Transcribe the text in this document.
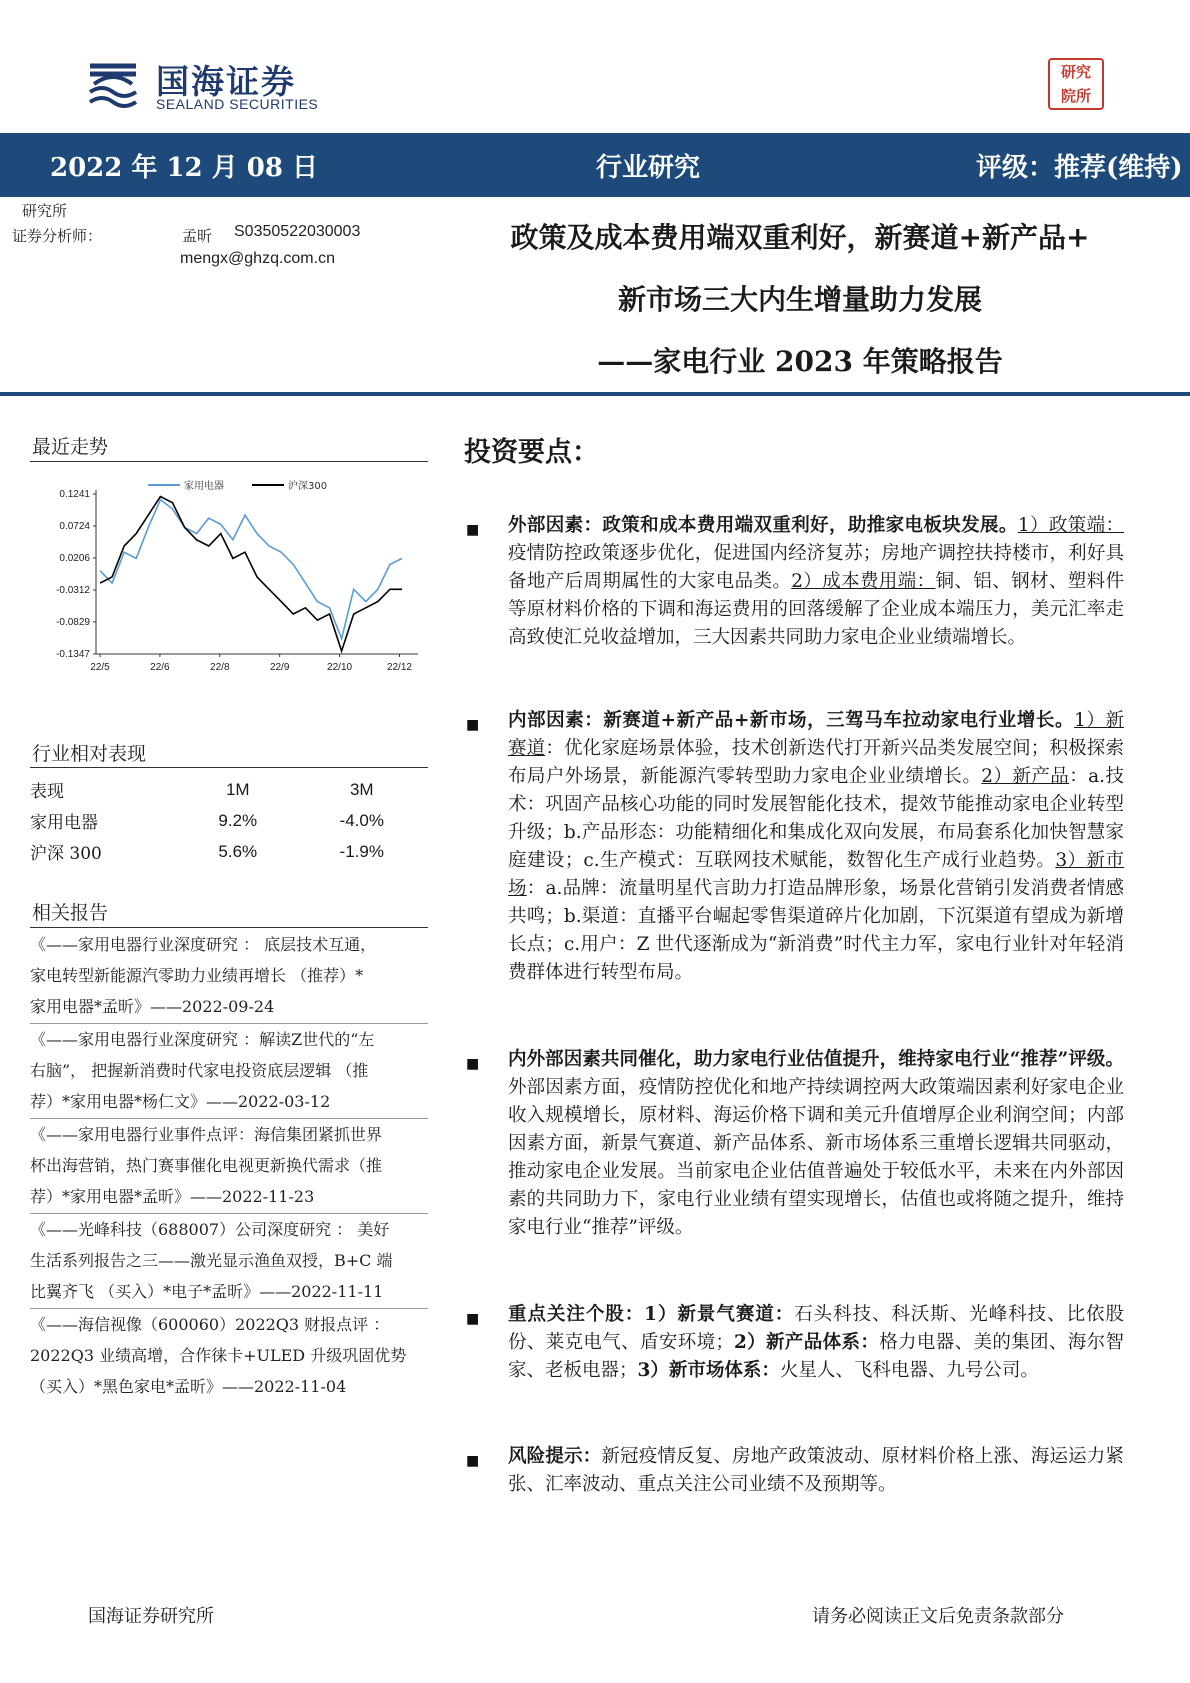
国海证券
SEALAND SECURITIES
研究
院所
2022 年 12 月 08 日	行业研究	评级：推荐(维持)
研究所
证券分析师：	孟昕 S0350522030003
mengx@ghzq.com.cn
政策及成本费用端双重利好，新赛道+新产品+
新市场三大内生增量助力发展
——家电行业 2023 年策略报告
最近走势
家用电器	沪深300
0.1241
0.0724
0.0206
-0.0312
-0.0829
-0.1347
22/5	22/6	22/8	22/9	22/10	22/12
行业相对表现
表现	1M	3M
家用电器	9.2%	-4.0%
沪深 300	5.6%	-1.9%
相关报告
《——家用电器行业深度研究 ： 底层技术互通，
家电转型新能源汽零助力业绩再增长 （推荐）*
家用电器*孟昕》——2022-09-24
《——家用电器行业深度研究 ：解读Z世代的“左
右脑”， 把握新消费时代家电投资底层逻辑 （推
荐）*家用电器*杨仁文》——2022-03-12
《——家用电器行业事件点评：海信集团紧抓世界
杯出海营销，热门赛事催化电视更新换代需求（推
荐）*家用电器*孟昕》——2022-11-23
《——光峰科技（688007）公司深度研究 ： 美好
生活系列报告之三——激光显示渔鱼双授，B+C 端
比翼齐飞 （买入）*电子*孟昕》——2022-11-11
《——海信视像（600060）2022Q3 财报点评 ：
2022Q3 业绩高增，合作徕卡+ULED 升级巩固优势
（买入）*黑色家电*孟昕》——2022-11-04
投资要点：
■ 外部因素：政策和成本费用端双重利好，助推家电板块发展。1）政策端：疫情防控政策逐步优化，促进国内经济复苏；房地产调控扶持楼市，利好具备地产后周期属性的大家电品类。2）成本费用端：铜、铝、钢材、塑料件等原材料价格的下调和海运费用的回落缓解了企业成本端压力，美元汇率走高致使汇兑收益增加，三大因素共同助力家电企业业绩端增长。
■ 内部因素：新赛道+新产品+新市场，三驾马车拉动家电行业增长。1）新赛道：优化家庭场景体验，技术创新迭代打开新兴品类发展空间；积极探索布局户外场景，新能源汽零转型助力家电企业业绩增长。2）新产品：a.技术：巩固产品核心功能的同时发展智能化技术，提效节能推动家电企业转型升级；b.产品形态：功能精细化和集成化双向发展，布局套系化加快智慧家庭建设；c.生产模式：互联网技术赋能，数智化生产成行业趋势。3）新市场：a.品牌：流量明星代言助力打造品牌形象，场景化营销引发消费者情感共鸣；b.渠道：直播平台崛起零售渠道碎片化加剧，下沉渠道有望成为新增长点；c.用户：Z 世代逐渐成为“新消费”时代主力军，家电行业针对年轻消费群体进行转型布局。
■ 内外部因素共同催化，助力家电行业估值提升，维持家电行业“推荐”评级。外部因素方面，疫情防控优化和地产持续调控两大政策端因素利好家电企业收入规模增长，原材料、海运价格下调和美元升值增厚企业利润空间；内部因素方面，新景气赛道、新产品体系、新市场体系三重增长逻辑共同驱动，推动家电企业发展。当前家电企业估值普遍处于较低水平，未来在内外部因素的共同助力下，家电行业业绩有望实现增长，估值也或将随之提升，维持家电行业“推荐”评级。
■ 重点关注个股：1）新景气赛道：石头科技、科沃斯、光峰科技、比依股份、莱克电气、盾安环境；2）新产品体系：格力电器、美的集团、海尔智家、老板电器；3）新市场体系：火星人、飞科电器、九号公司。
■ 风险提示：新冠疫情反复、房地产政策波动、原材料价格上涨、海运运力紧张、汇率波动、重点关注公司业绩不及预期等。
国海证券研究所	请务必阅读正文后免责条款部分
